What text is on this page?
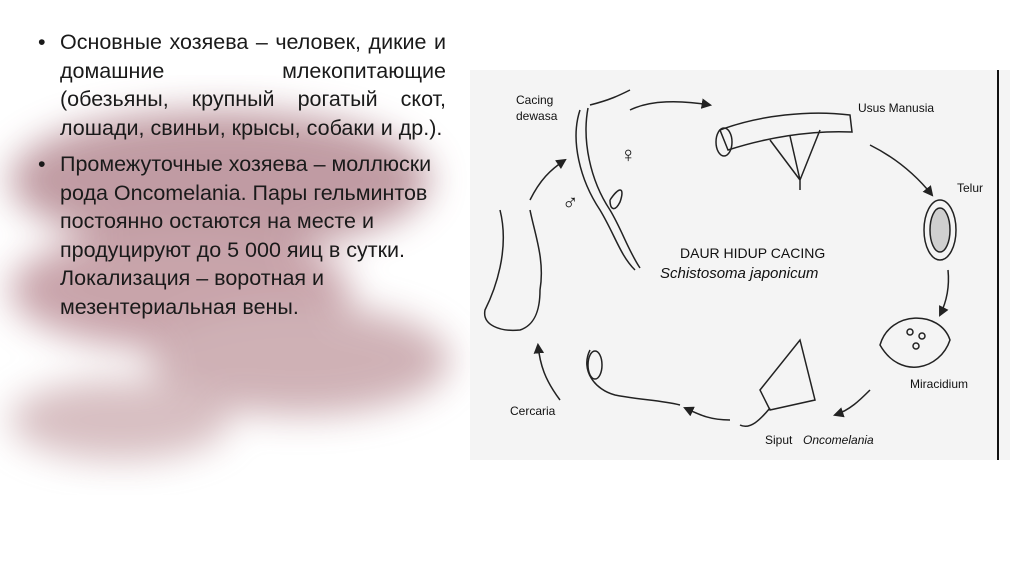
• Основные хозяева – человек, дикие и домашние млекопитающие (обезьяны, крупный рогатый скот, лошади, свиньи, крысы, собаки и др.).
• Промежуточные хозяева – моллюски рода Oncomelania. Пары гельминтов постоянно остаются на месте и продуцируют до 5 000 яиц в сутки. Локализация – воротная и мезентериальная вены.
DAUR HIDUP CACING
Schistosoma japonicum
Cacing
dewasa
♀
♂
Usus Manusia
Telur
Miracidium
Siput Oncomelania
Cercaria
